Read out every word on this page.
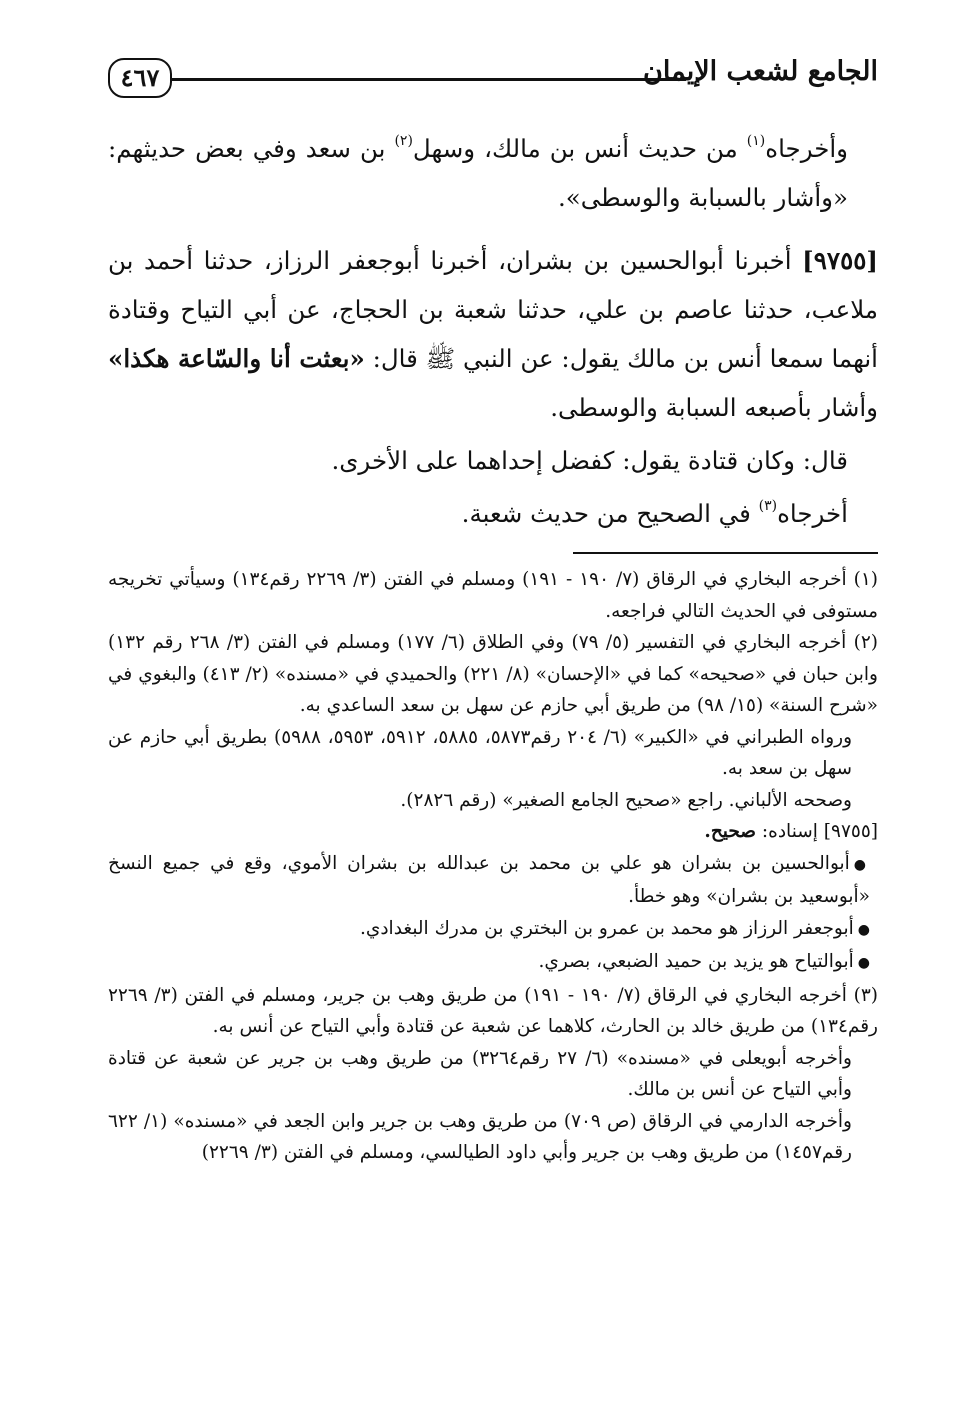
الجامع لشعب الإيمان
٤٦٧

وأخرجاه$^{(١)}$ من حديث أنس بن مالك، وسهل$^{(٢)}$ بن سعد وفي بعض حديثهم: «وأشار بالسبابة والوسطى».

[٩٧٥٥] أخبرنا أبوالحسين بن بشران، أخبرنا أبوجعفر الرزاز، حدثنا أحمد بن ملاعب، حدثنا عاصم بن علي، حدثنا شعبة بن الحجاج، عن أبي التياح وقتادة أنهما سمعا أنس بن مالك يقول: عن النبي ﷺ قال: «بعثت أنا والسّاعة هكذا» وأشار بأصبعه السبابة والوسطى.

قال: وكان قتادة يقول: كفضل إحداهما على الأخرى.

أخرجاه$^{(٣)}$ في الصحيح من حديث شعبة.

(١) أخرجه البخاري في الرقاق (٧/ ١٩٠ - ١٩١) ومسلم في الفتن (٣/ ٢٢٦٩ رقم١٣٤) وسيأتي تخريجه مستوفى في الحديث التالي فراجعه.

(٢) أخرجه البخاري في التفسير (٥/ ٧٩) وفي الطلاق (٦/ ١٧٧) ومسلم في الفتن (٣/ ٢٦٨ رقم ١٣٢) وابن حبان في «صحيحه» كما في «الإحسان» (٨/ ٢٢١) والحميدي في «مسنده» (٢/ ٤١٣) والبغوي في «شرح السنة» (١٥/ ٩٨) من طريق أبي حازم عن سهل بن سعد الساعدي به.

ورواه الطبراني في «الكبير» (٦/ ٢٠٤ رقم٥٨٧٣، ٥٨٨٥، ٥٩١٢، ٥٩٥٣، ٥٩٨٨) بطريق أبي حازم عن سهل بن سعد به.

وصححه الألباني. راجع «صحيح الجامع الصغير» (رقم ٢٨٢٦).

[٩٧٥٥] إسناده: صحيح.

●أبوالحسين بن بشران هو علي بن محمد بن عبدالله بن بشران الأموي، وقع في جميع النسخ «أبوسعيد بن بشران» وهو خطأ.

●أبوجعفر الرزاز هو محمد بن عمرو بن البختري بن مدرك البغدادي.

●أبوالتياح هو يزيد بن حميد الضبعي، بصري.

(٣) أخرجه البخاري في الرقاق (٧/ ١٩٠ - ١٩١) من طريق وهب بن جرير، ومسلم في الفتن (٣/ ٢٢٦٩ رقم١٣٤) من طريق خالد بن الحارث، كلاهما عن شعبة عن قتادة وأبي التياح عن أنس به.

وأخرجه أبويعلى في «مسنده» (٦/ ٢٧ رقم٣٢٦٤) من طريق وهب بن جرير عن شعبة عن قتادة وأبي التياح عن أنس بن مالك.

وأخرجه الدارمي في الرقاق (ص ٧٠٩) من طريق وهب بن جرير وابن الجعد في «مسنده» (١/ ٦٢٢ رقم١٤٥٧) من طريق وهب بن جرير وأبي داود الطيالسي، ومسلم في الفتن (٣/ ٢٢٦٩)
